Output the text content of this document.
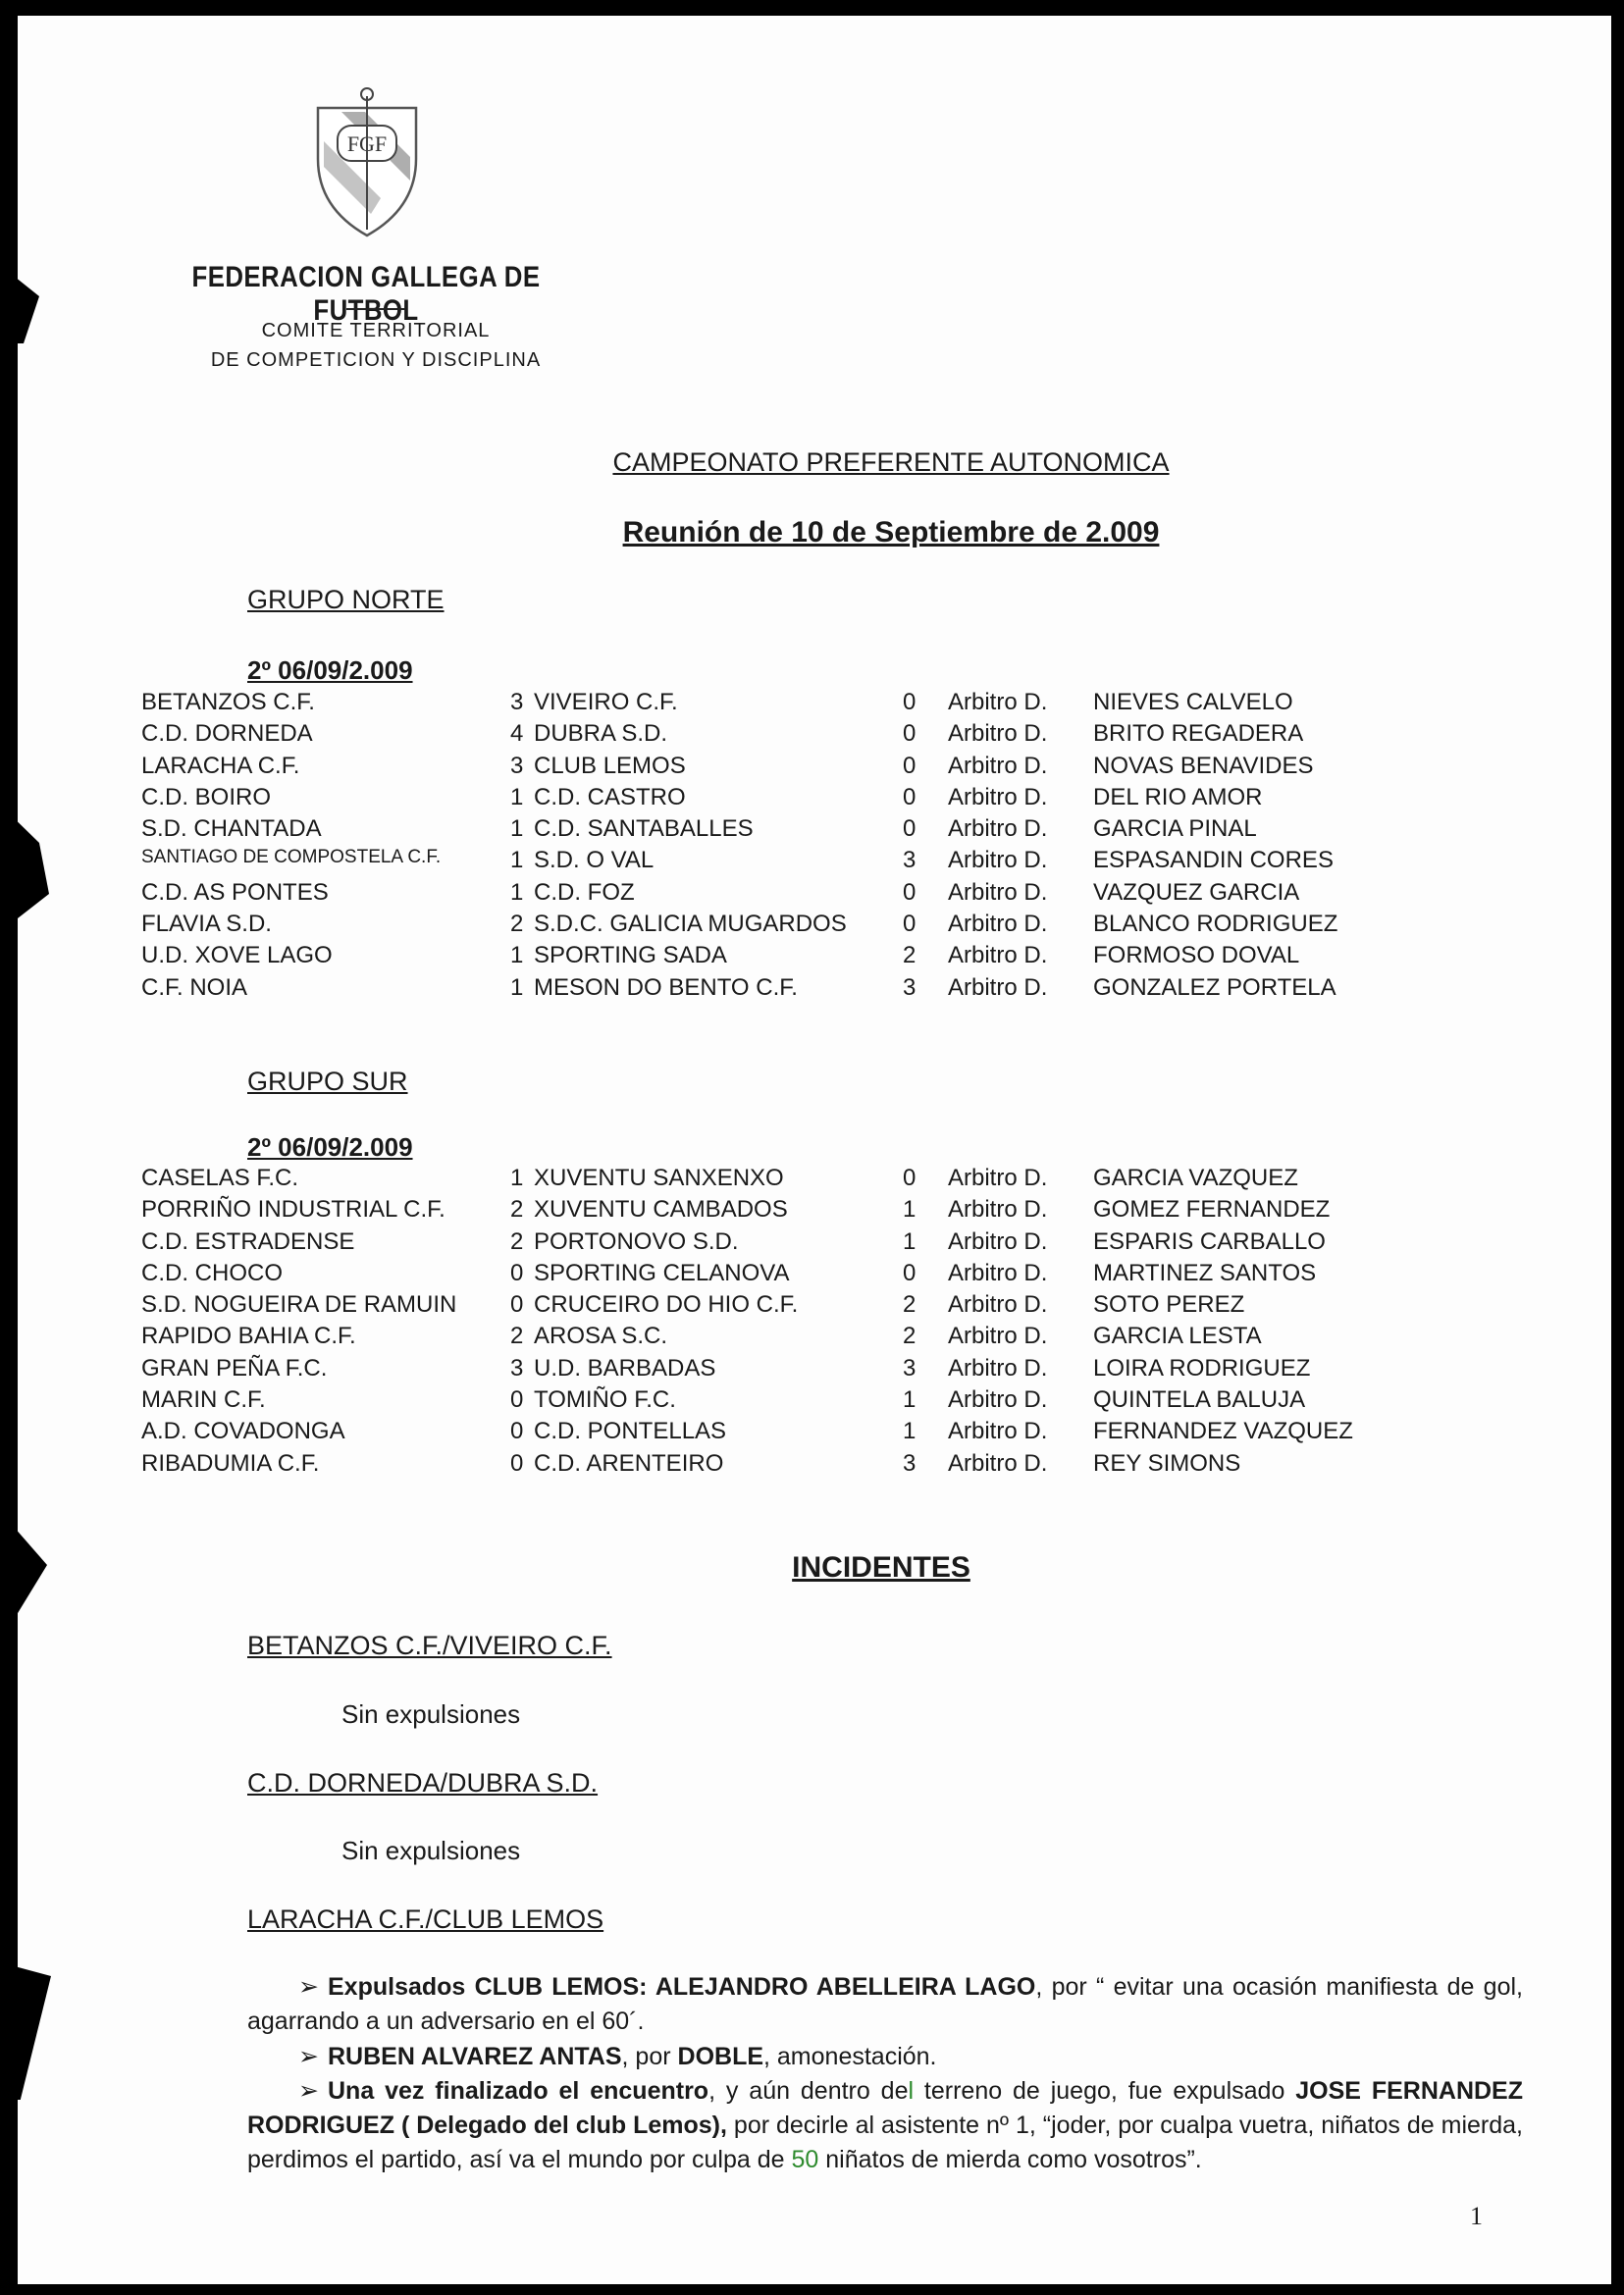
FGF
FEDERACION GALLEGA DE FUTBOL
COMITE TERRITORIAL
DE COMPETICION Y DISCIPLINA
CAMPEONATO PREFERENTE AUTONOMICA
Reunión de 10 de Septiembre de 2.009
GRUPO NORTE
2º 06/09/2.009
BETANZOS C.F.	3 VIVEIRO C.F.	0 Arbitro D. NIEVES CALVELO
C.D. DORNEDA	4 DUBRA S.D.	0 Arbitro D. BRITO REGADERA
LARACHA C.F.	3 CLUB LEMOS	0 Arbitro D. NOVAS BENAVIDES
C.D. BOIRO	1 C.D. CASTRO	0 Arbitro D. DEL RIO AMOR
S.D. CHANTADA	1 C.D. SANTABALLES	0 Arbitro D. GARCIA PINAL
SANTIAGO DE COMPOSTELA C.F.	1 S.D. O VAL	3 Arbitro D. ESPASANDIN CORES
C.D. AS PONTES	1 C.D. FOZ	0 Arbitro D. VAZQUEZ GARCIA
FLAVIA S.D.	2 S.D.C. GALICIA MUGARDOS 0 Arbitro D. BLANCO RODRIGUEZ
U.D. XOVE LAGO	1 SPORTING SADA	2 Arbitro D. FORMOSO DOVAL
C.F. NOIA	1 MESON DO BENTO C.F.	3 Arbitro D. GONZALEZ PORTELA
GRUPO SUR
2º 06/09/2.009
CASELAS F.C.	1 XUVENTU SANXENXO	0 Arbitro D. GARCIA VAZQUEZ
PORRIÑO INDUSTRIAL C.F.	2 XUVENTU CAMBADOS	1 Arbitro D. GOMEZ FERNANDEZ
C.D. ESTRADENSE	2 PORTONOVO S.D.	1 Arbitro D. ESPARIS CARBALLO
C.D. CHOCO	0 SPORTING CELANOVA	0 Arbitro D. MARTINEZ SANTOS
S.D. NOGUEIRA DE RAMUIN 0 CRUCEIRO DO HIO C.F.	2 Arbitro D. SOTO PEREZ
RAPIDO BAHIA C.F.	2 AROSA S.C.	2 Arbitro D. GARCIA LESTA
GRAN PEÑA F.C.	3 U.D. BARBADAS	3 Arbitro D. LOIRA RODRIGUEZ
MARIN C.F.	0 TOMIÑO F.C.	1 Arbitro D. QUINTELA BALUJA
A.D. COVADONGA	0 C.D. PONTELLAS	1 Arbitro D. FERNANDEZ VAZQUEZ
RIBADUMIA C.F.	0 C.D. ARENTEIRO	3 Arbitro D. REY SIMONS
INCIDENTES
BETANZOS C.F./VIVEIRO C.F.
Sin expulsiones
C.D. DORNEDA/DUBRA S.D.
Sin expulsiones
LARACHA C.F./CLUB LEMOS
➢ Expulsados CLUB LEMOS: ALEJANDRO ABELLEIRA LAGO, por “ evitar una ocasión manifiesta de gol, agarrando a un adversario en el 60´.
➢ RUBEN ALVAREZ ANTAS, por DOBLE, amonestación.
➢ Una vez finalizado el encuentro, y aún dentro del terreno de juego, fue expulsado JOSE FERNANDEZ RODRIGUEZ ( Delegado del club Lemos), por decirle al asistente nº 1, “joder, por cualpa vuetra, niñatos de mierda, perdimos el partido, así va el mundo por culpa de 50 niñatos de mierda como vosotros”.
1
